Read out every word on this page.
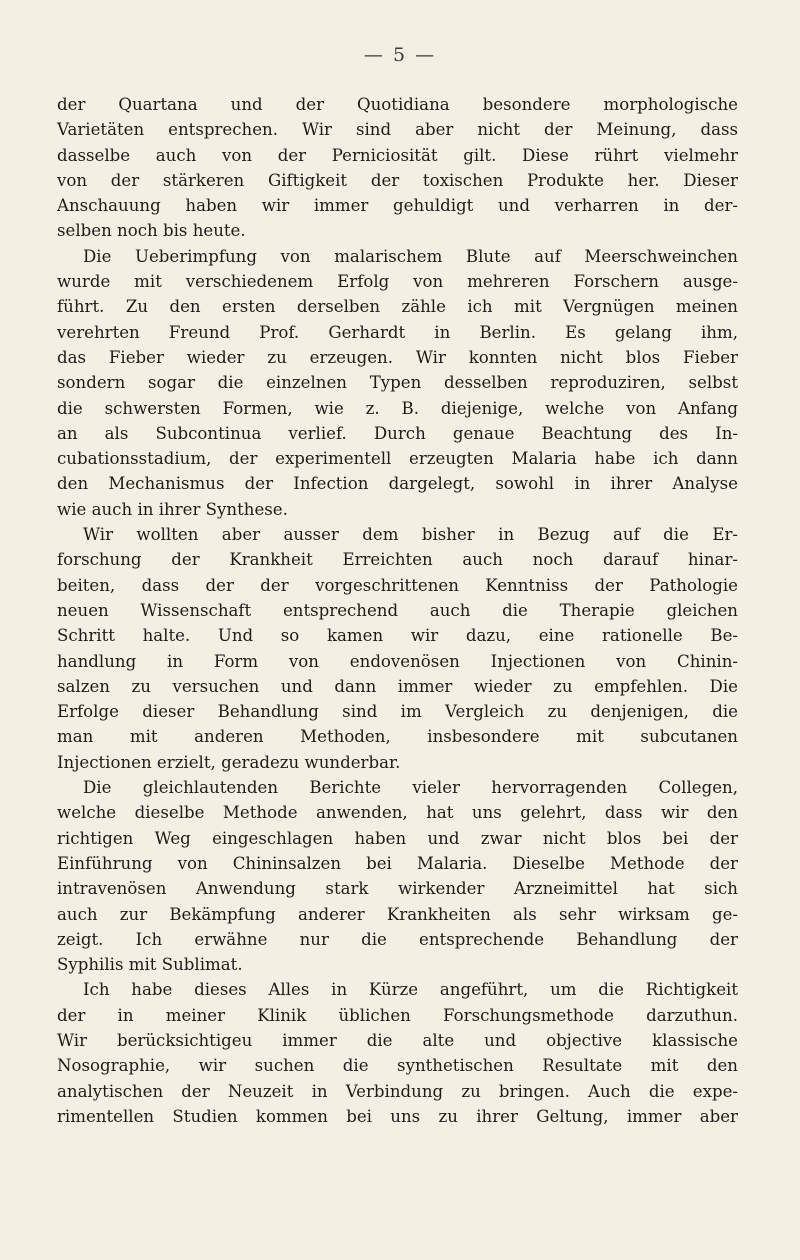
— 5 —
der Quartana und der Quotidiana besondere morphologische
Varietäten entsprechen. Wir sind aber nicht der Meinung, dass
dasselbe auch von der Perniciosität gilt. Diese rührt vielmehr
von der stärkeren Giftigkeit der toxischen Produkte her. Dieser
Anschauung haben wir immer gehuldigt und verharren in der-
selben noch bis heute.
Die Ueberimpfung von malarischem Blute auf Meerschweinchen
wurde mit verschiedenem Erfolg von mehreren Forschern ausge-
führt. Zu den ersten derselben zähle ich mit Vergnügen meinen
verehrten Freund Prof. Gerhardt in Berlin. Es gelang ihm,
das Fieber wieder zu erzeugen. Wir konnten nicht blos Fieber
sondern sogar die einzelnen Typen desselben reproduziren, selbst
die schwersten Formen, wie z. B. diejenige, welche von Anfang
an als Subcontinua verlief. Durch genaue Beachtung des In-
cubationsstadium, der experimentell erzeugten Malaria habe ich dann
den Mechanismus der Infection dargelegt, sowohl in ihrer Analyse
wie auch in ihrer Synthese.
Wir wollten aber ausser dem bisher in Bezug auf die Er-
forschung der Krankheit Erreichten auch noch darauf hinar-
beiten, dass der der vorgeschrittenen Kenntniss der Pathologie
neuen Wissenschaft entsprechend auch die Therapie gleichen
Schritt halte. Und so kamen wir dazu, eine rationelle Be-
handlung in Form von endovenösen Injectionen von Chinin-
salzen zu versuchen und dann immer wieder zu empfehlen. Die
Erfolge dieser Behandlung sind im Vergleich zu denjenigen, die
man mit anderen Methoden, insbesondere mit subcutanen
Injectionen erzielt, geradezu wunderbar.
Die gleichlautenden Berichte vieler hervorragenden Collegen,
welche dieselbe Methode anwenden, hat uns gelehrt, dass wir den
richtigen Weg eingeschlagen haben und zwar nicht blos bei der
Einführung von Chininsalzen bei Malaria. Dieselbe Methode der
intravenösen Anwendung stark wirkender Arzneimittel hat sich
auch zur Bekämpfung anderer Krankheiten als sehr wirksam ge-
zeigt. Ich erwähne nur die entsprechende Behandlung der
Syphilis mit Sublimat.
Ich habe dieses Alles in Kürze angeführt, um die Richtigkeit
der in meiner Klinik üblichen Forschungsmethode darzuthun.
Wir berücksichtigeu immer die alte und objective klassische
Nosographie, wir suchen die synthetischen Resultate mit den
analytischen der Neuzeit in Verbindung zu bringen. Auch die expe-
rimentellen Studien kommen bei uns zu ihrer Geltung, immer aber
